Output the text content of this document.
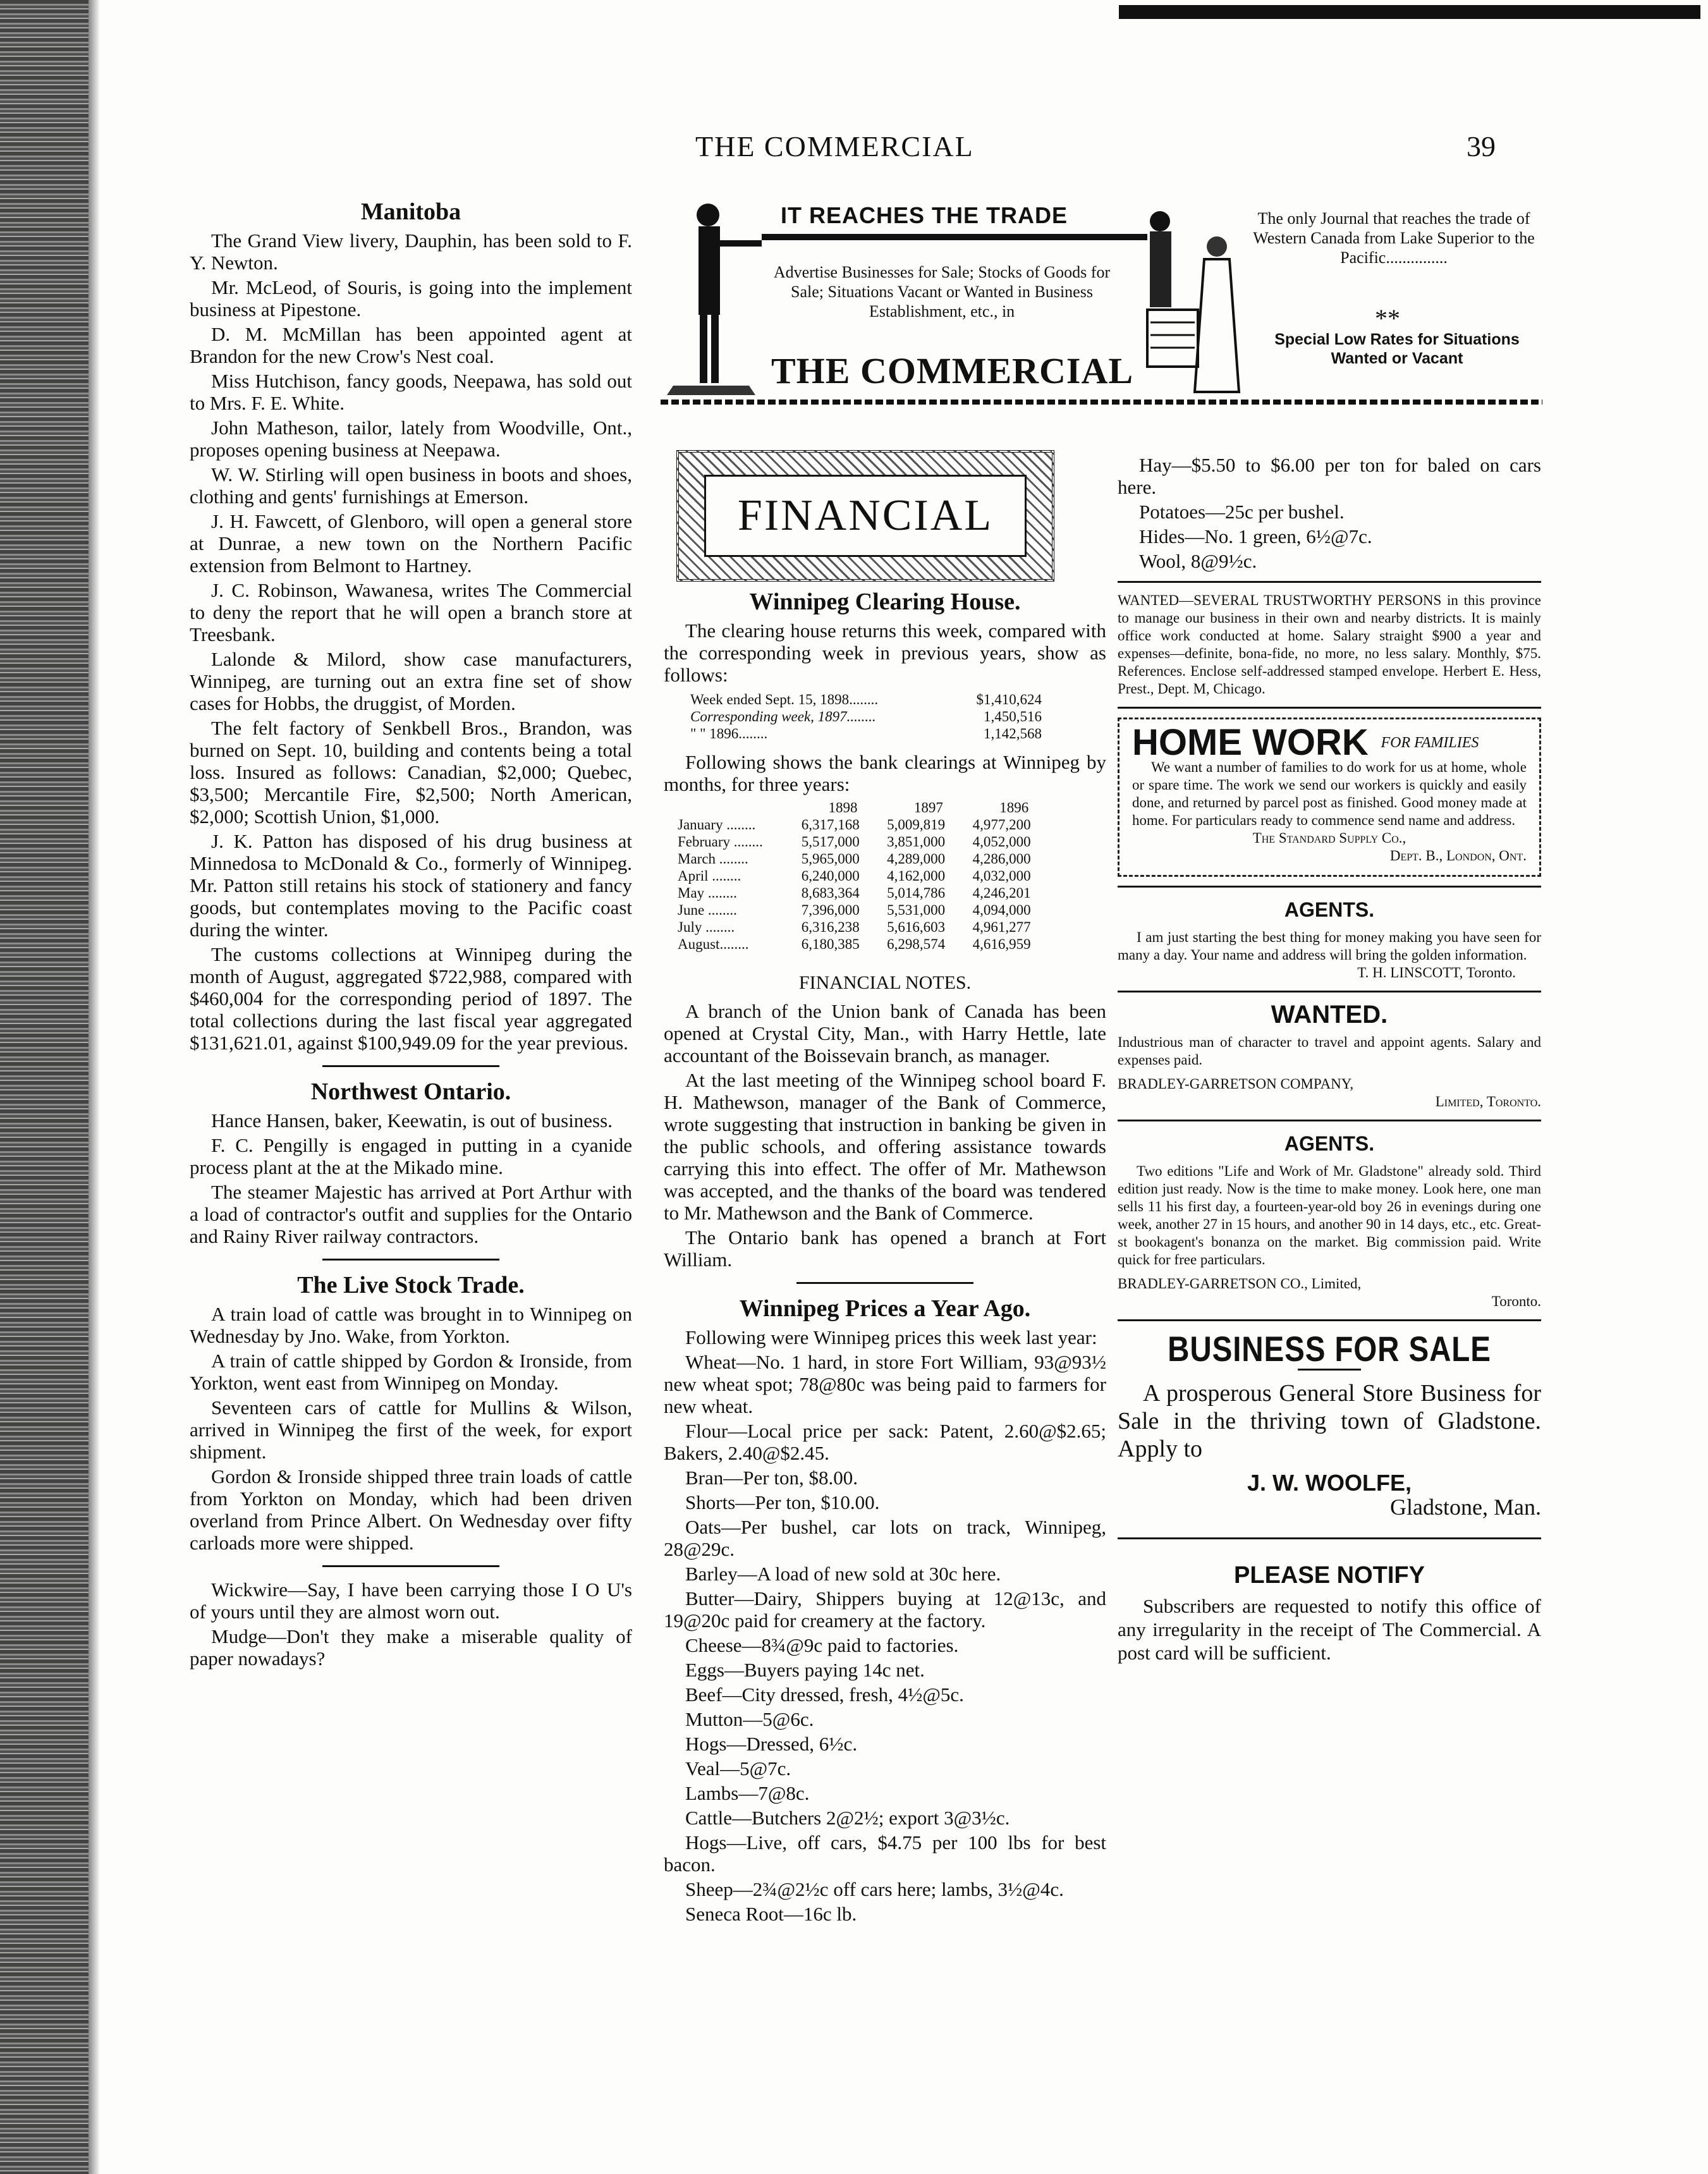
THE COMMERCIAL	39
IT REACHES THE TRADE
Advertise Businesses for Sale; Stocks of Goods for Sale; Situations Vacant or Wanted in Business Establishment, etc., in
THE COMMERCIAL
The only Journal that reaches the trade of Western Canada from Lake Superior to the Pacific...............
**
Special Low Rates for Situations Wanted or Vacant
Manitoba

The Grand View livery, Dauphin, has been sold to F. Y. Newton.

Mr. McLeod, of Souris, is going into the implement business at Pipestone.

D. M. McMillan has been appointed agent at Brandon for the new Crow's Nest coal.

Miss Hutchison, fancy goods, Neepawa, has sold out to Mrs. F. E. White.

John Matheson, tailor, lately from Woodville, Ont., proposes opening business at Neepawa.

W. W. Stirling will open business in boots and shoes, clothing and gents' furnishings at Emerson.

J. H. Fawcett, of Glenboro, will open a general store at Dunrae, a new town on the Northern Pacific extension from Belmont to Hartney.

J. C. Robinson, Wawanesa, writes The Commercial to deny the report that he will open a branch store at Treesbank.

Lalonde & Milord, show case manufacturers, Winnipeg, are turning out an extra fine set of show cases for Hobbs, the druggist, of Morden.

The felt factory of Senkbell Bros., Brandon, was burned on Sept. 10, building and contents being a total loss. Insured as follows: Canadian, $2,000; Quebec, $3,500; Mercantile Fire, $2,500; North American, $2,000; Scottish Union, $1,000.

J. K. Patton has disposed of his drug business at Minnedosa to McDonald & Co., formerly of Winnipeg. Mr. Patton still retains his stock of stationery and fancy goods, but contemplates moving to the Pacific coast during the winter.

The customs collections at Winnipeg during the month of August, aggregated $722,988, compared with $460,004 for the corresponding period of 1897. The total collections during the last fiscal year aggregated $131,621.01, against $100,949.09 for the year previous.

Northwest Ontario.

Hance Hansen, baker, Keewatin, is out of business.

F. C. Pengilly is engaged in putting in a cyanide process plant at the at the Mikado mine.

The steamer Majestic has arrived at Port Arthur with a load of contractor's outfit and supplies for the Ontario and Rainy River railway contractors.

The Live Stock Trade.

A train load of cattle was brought in to Winnipeg on Wednesday by Jno. Wake, from Yorkton.

A train of cattle shipped by Gordon & Ironside, from Yorkton, went east from Winnipeg on Monday.

Seventeen cars of cattle for Mullins & Wilson, arrived in Winnipeg the first of the week, for export shipment.

Gordon & Ironside shipped three train loads of cattle from Yorkton on Monday, which had been driven overland from Prince Albert. On Wednesday over fifty carloads more were shipped.

Wickwire—Say, I have been carrying those I O U's of yours until they are almost worn out.

Mudge—Don't they make a miserable quality of paper nowadays?

FINANCIAL
Winnipeg Clearing House.

The clearing house returns this week, compared with the corresponding week in previous years, show as follows:

Week ended Sept. 15, 1898........	$1,410,624
Corresponding week, 1897........	1,450,516
" " 1896........	1,142,568

Following shows the bank clearings at Winnipeg by months, for three years:

	1898	1897	1896
January ........	6,317,168	5,009,819	4,977,200
February ........	5,517,000	3,851,000	4,052,000
March ........	5,965,000	4,289,000	4,286,000
April ........	6,240,000	4,162,000	4,032,000
May ........	8,683,364	5,014,786	4,246,201
June ........	7,396,000	5,531,000	4,094,000
July ........	6,316,238	5,616,603	4,961,277
August........	6,180,385	6,298,574	4,616,959
FINANCIAL NOTES.

A branch of the Union bank of Canada has been opened at Crystal City, Man., with Harry Hettle, late accountant of the Boissevain branch, as manager.

At the last meeting of the Winnipeg school board F. H. Mathewson, manager of the Bank of Commerce, wrote suggesting that instruction in banking be given in the public schools, and offering assistance towards carrying this into effect. The offer of Mr. Mathewson was accepted, and the thanks of the board was tendered to Mr. Mathewson and the Bank of Commerce.

The Ontario bank has opened a branch at Fort William.

Winnipeg Prices a Year Ago.

Following were Winnipeg prices this week last year:

Wheat—No. 1 hard, in store Fort William, 93@93½ new wheat spot; 78@80c was being paid to farmers for new wheat.

Flour—Local price per sack: Patent, 2.60@$2.65; Bakers, 2.40@$2.45.

Bran—Per ton, $8.00.

Shorts—Per ton, $10.00.

Oats—Per bushel, car lots on track, Winnipeg, 28@29c.

Barley—A load of new sold at 30c here.

Butter—Dairy, Shippers buying at 12@13c, and 19@20c paid for creamery at the factory.

Cheese—8¾@9c paid to factories.

Eggs—Buyers paying 14c net.

Beef—City dressed, fresh, 4½@5c.

Mutton—5@6c.

Hogs—Dressed, 6½c.

Veal—5@7c.

Lambs—7@8c.

Cattle—Butchers 2@2½; export 3@3½c.

Hogs—Live, off cars, $4.75 per 100 lbs for best bacon.

Sheep—2¾@2½c off cars here; lambs, 3½@4c.

Seneca Root—16c lb.

Hay—$5.50 to $6.00 per ton for baled on cars here.

Potatoes—25c per bushel.

Hides—No. 1 green, 6½@7c.

Wool, 8@9½c.

WANTED—SEVERAL TRUSTWORTHY PERSONS in this province to manage our business in their own and nearby districts. It is mainly office work conducted at home. Salary straight $900 a year and expenses—definite, bona-fide, no more, no less salary. Monthly, $75. References. Enclose self-addressed stamped envelope. Herbert E. Hess, Prest., Dept. M, Chicago.
HOME WORK FOR FAMILIES
We want a number of families to do work for us at home, whole or spare time. The work we send our workers is quickly and easily done, and returned by parcel post as finished. Good money made at home. For particulars ready to commence send name and address.
The Standard Supply Co.,
Dept. B., London, Ont.
AGENTS.
I am just starting the best thing for money making you have seen for many a day. Your name and address will bring the golden information.
T. H. LINSCOTT, Toronto.
WANTED.
Industrious man of character to travel and appoint agents. Salary and expenses paid.
BRADLEY-GARRETSON COMPANY,
Limited, Toronto.
AGENTS.
Two editions "Life and Work of Mr. Gladstone" already sold. Third edition just ready. Now is the time to make money. Look here, one man sells 11 his first day, a fourteen-year-old boy 26 in evenings during one week, another 27 in 15 hours, and another 90 in 14 days, etc., etc. Great-st bookagent's bonanza on the market. Big commission paid. Write quick for free particulars.
BRADLEY-GARRETSON CO., Limited,
Toronto.
BUSINESS FOR SALE
A prosperous General Store Business for Sale in the thriving town of Gladstone. Apply to
J. W. WOOLFE,
Gladstone, Man.
PLEASE NOTIFY
Subscribers are requested to notify this office of any irregularity in the receipt of The Commercial. A post card will be sufficient.
